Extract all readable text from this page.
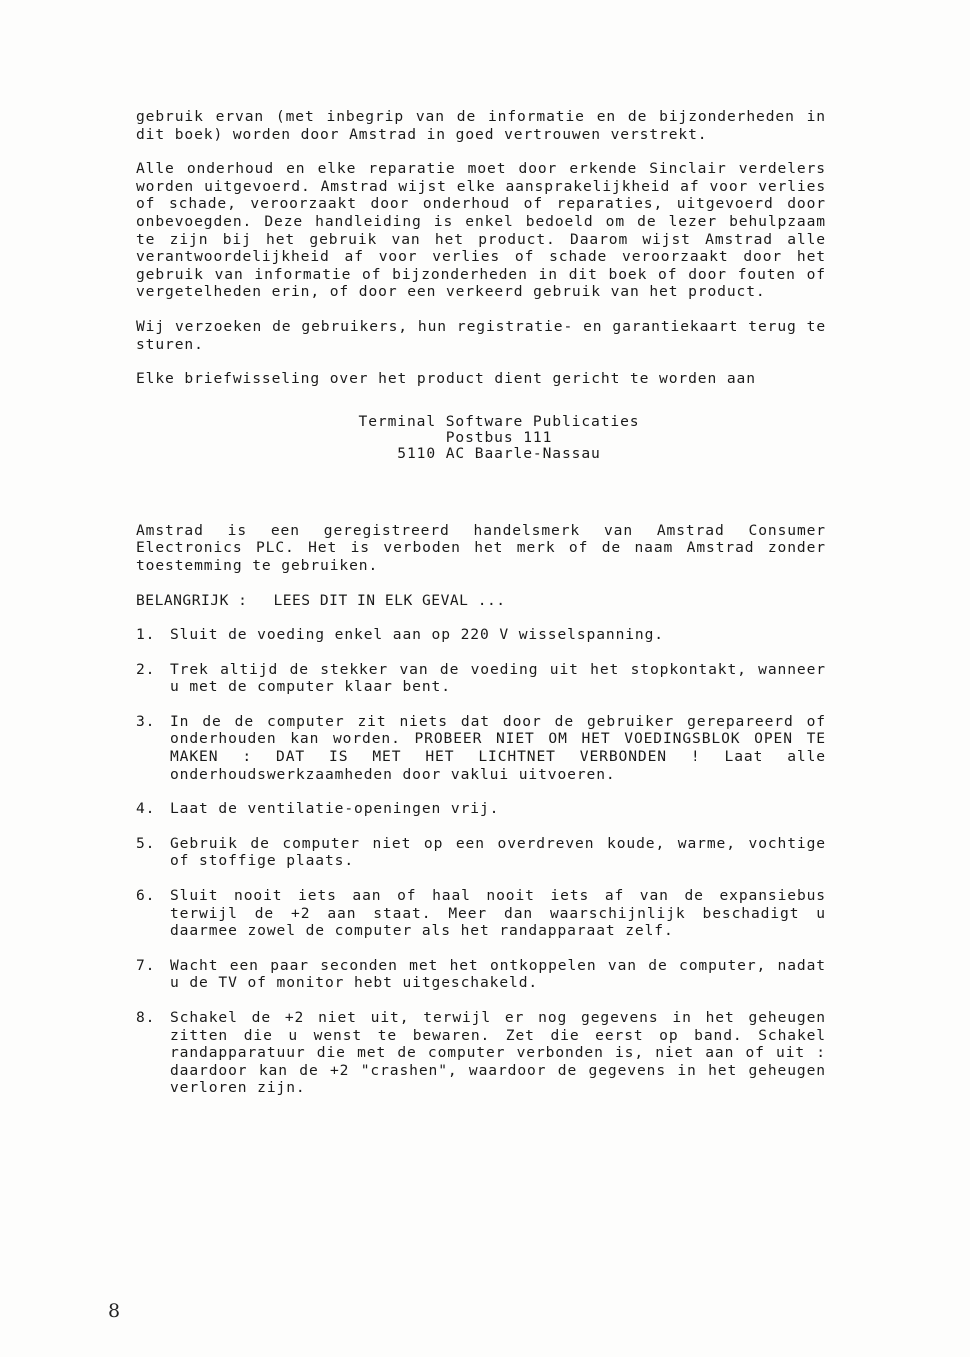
gebruik ervan (met inbegrip van de informatie en de bijzonderheden in dit boek) worden door Amstrad in goed vertrouwen verstrekt.

Alle onderhoud en elke reparatie moet door erkende Sinclair verdelers worden uitgevoerd. Amstrad wijst elke aansprakelijkheid af voor verlies of schade, veroorzaakt door onderhoud of reparaties, uitgevoerd door onbevoegden. Deze handleiding is enkel bedoeld om de lezer behulpzaam te zijn bij het gebruik van het product. Daarom wijst Amstrad alle verantwoordelijkheid af voor verlies of schade veroorzaakt door het gebruik van informatie of bijzonderheden in dit boek of door fouten of vergetelheden erin, of door een verkeerd gebruik van het product.

Wij verzoeken de gebruikers, hun registratie- en garantiekaart terug te sturen.

Elke briefwisseling over het product dient gericht te worden aan

Terminal Software Publicaties
Postbus 111
5110 AC Baarle-Nassau

Amstrad is een geregistreerd handelsmerk van Amstrad Consumer Electronics PLC. Het is verboden het merk of de naam Amstrad zonder toestemming te gebruiken.

BELANGRIJK : LEES DIT IN ELK GEVAL ...
1.	Sluit de voeding enkel aan op 220 V wisselspanning.
2.	Trek altijd de stekker van de voeding uit het stopkontakt, wanneer u met de computer klaar bent.
3.	In de de computer zit niets dat door de gebruiker gerepareerd of onderhouden kan worden. PROBEER NIET OM HET VOEDINGSBLOK OPEN TE MAKEN : DAT IS MET HET LICHTNET VERBONDEN ! Laat alle onderhoudswerkzaamheden door vaklui uitvoeren.
4.	Laat de ventilatie-openingen vrij.
5.	Gebruik de computer niet op een overdreven koude, warme, vochtige of stoffige plaats.
6.	Sluit nooit iets aan of haal nooit iets af van de expansiebus terwijl de +2 aan staat. Meer dan waarschijnlijk beschadigt u daarmee zowel de computer als het randapparaat zelf.
7.	Wacht een paar seconden met het ontkoppelen van de computer, nadat u de TV of monitor hebt uitgeschakeld.
8.	Schakel de +2 niet uit, terwijl er nog gegevens in het geheugen zitten die u wenst te bewaren. Zet die eerst op band. Schakel randapparatuur die met de computer verbonden is, niet aan of uit : daardoor kan de +2 "crashen", waardoor de gegevens in het geheugen verloren zijn.
8
